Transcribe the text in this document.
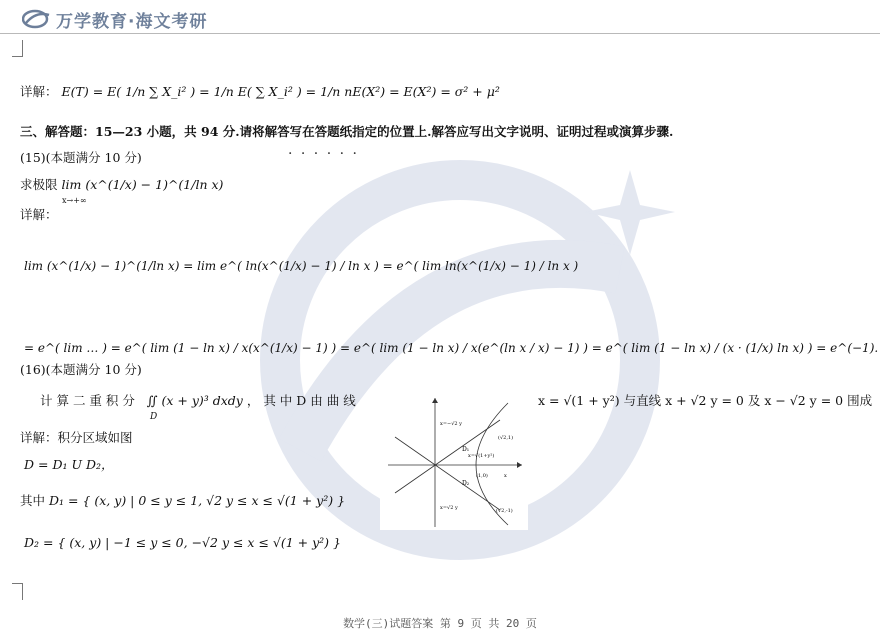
万学教育·海文考研
详解： E(T) = E( 1/n ∑ X_i² ) = 1/n E( ∑ X_i² ) = 1/n nE(X²) = E(X²) = σ² + μ²
三、解答题：15—23 小题，共 94 分.请将解答写在答题纸指定的位置上.解答应写出文字说明、证明过程或演算步骤.
· · · · · ·
(15)(本题满分 10 分)
求极限 lim (x^(1/x) − 1)^(1/ln x)
x→+∞
详解：
lim (x^(1/x) − 1)^(1/ln x) = lim e^( ln(x^(1/x) − 1) / ln x ) = e^( lim ln(x^(1/x) − 1) / ln x )
= e^( lim … ) = e^( lim (1 − ln x) / x(x^(1/x) − 1) ) = e^( lim (1 − ln x) / x(e^(ln x / x) − 1) ) = e^( lim (1 − ln x) / (x · (1/x) ln x) ) = e^(−1).
(16)(本题满分 10 分)
计 算 二 重 积 分 ∬ (x + y)³ dxdy ， 其 中 D 由 曲 线
D
x = √(1 + y²) 与直线 x + √2 y = 0 及 x − √2 y = 0 围成
详解：积分区域如图
D = D₁ U D₂，
其中 D₁ = { (x, y) | 0 ≤ y ≤ 1, √2 y ≤ x ≤ √(1 + y²) }
D₂ = { (x, y) | −1 ≤ y ≤ 0, −√2 y ≤ x ≤ √(1 + y²) }
D₁
D₂
(√2,1)
(√2,-1)
(1,0)	x
x=−√2 y
x=√2 y
x=√(1+y²)
数学(三)试题答案 第 9 页 共 20 页
